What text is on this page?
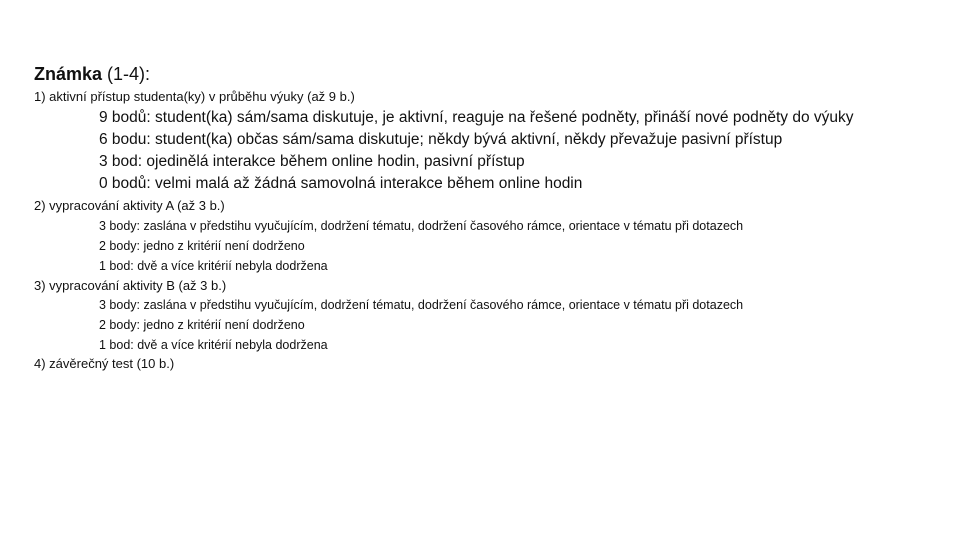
Známka (1-4):
1) aktivní přístup studenta(ky) v průběhu výuky (až 9 b.)
9 bodů: student(ka) sám/sama diskutuje, je aktivní, reaguje na řešené podněty, přináší nové podněty do výuky
6 bodu: student(ka) občas sám/sama diskutuje; někdy bývá aktivní, někdy převažuje pasivní přístup
3 bod: ojedinělá interakce během online hodin, pasivní přístup
0 bodů: velmi malá až žádná samovolná interakce během online hodin
2) vypracování aktivity A (až 3 b.)
3 body: zaslána v předstihu vyučujícím, dodržení tématu, dodržení časového rámce, orientace v tématu při dotazech
2 body: jedno z kritérií není dodrženo
1 bod: dvě a více kritérií nebyla dodržena
3) vypracování aktivity B (až 3 b.)
3 body: zaslána v předstihu vyučujícím, dodržení tématu, dodržení časového rámce, orientace v tématu při dotazech
2 body: jedno z kritérií není dodrženo
1 bod: dvě a více kritérií nebyla dodržena
4) závěrečný test (10 b.)
